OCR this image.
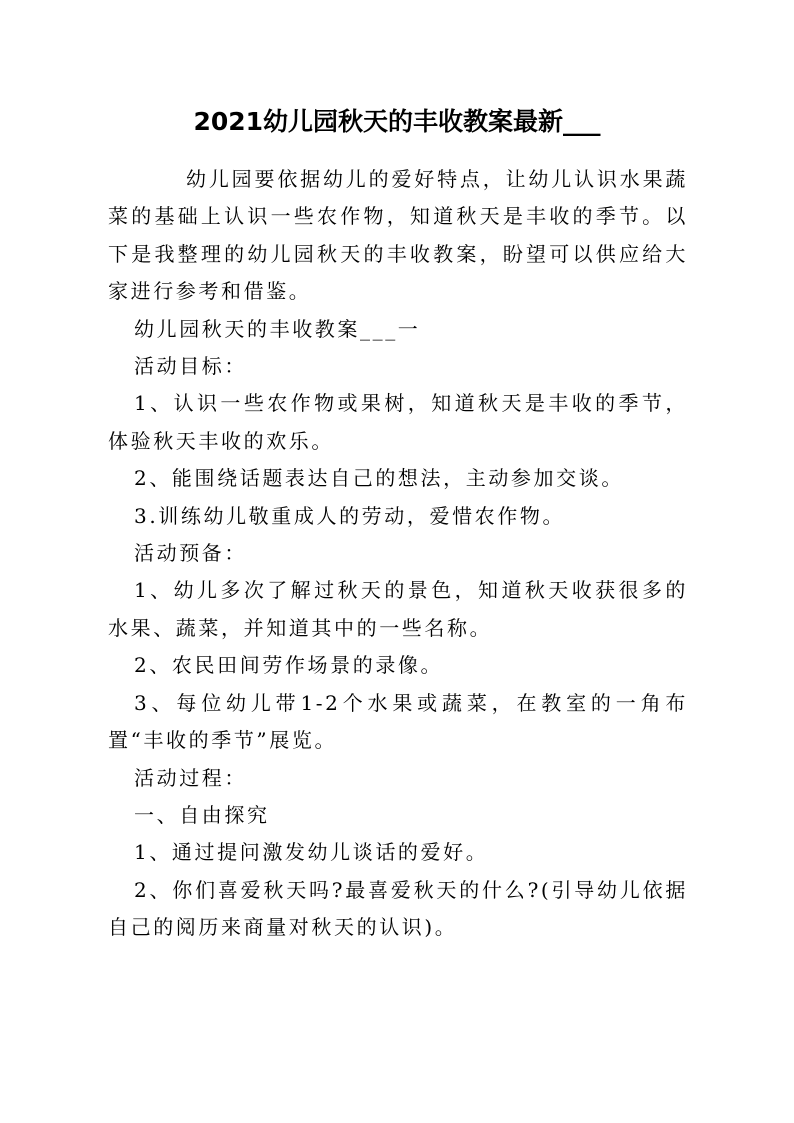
2021幼儿园秋天的丰收教案最新___

幼儿园要依据幼儿的爱好特点，让幼儿认识水果蔬菜的基础上认识一些农作物，知道秋天是丰收的季节。以下是我整理的幼儿园秋天的丰收教案，盼望可以供应给大家进行参考和借鉴。

幼儿园秋天的丰收教案___一

活动目标：

1、认识一些农作物或果树，知道秋天是丰收的季节，体验秋天丰收的欢乐。

2、能围绕话题表达自己的想法，主动参加交谈。

3.训练幼儿敬重成人的劳动，爱惜农作物。

活动预备：

1、幼儿多次了解过秋天的景色，知道秋天收获很多的水果、蔬菜，并知道其中的一些名称。

2、农民田间劳作场景的录像。

3、每位幼儿带1-2个水果或蔬菜，在教室的一角布置“丰收的季节”展览。

活动过程：

一、自由探究

1、通过提问激发幼儿谈话的爱好。

2、你们喜爱秋天吗?最喜爱秋天的什么?(引导幼儿依据自己的阅历来商量对秋天的认识)。
